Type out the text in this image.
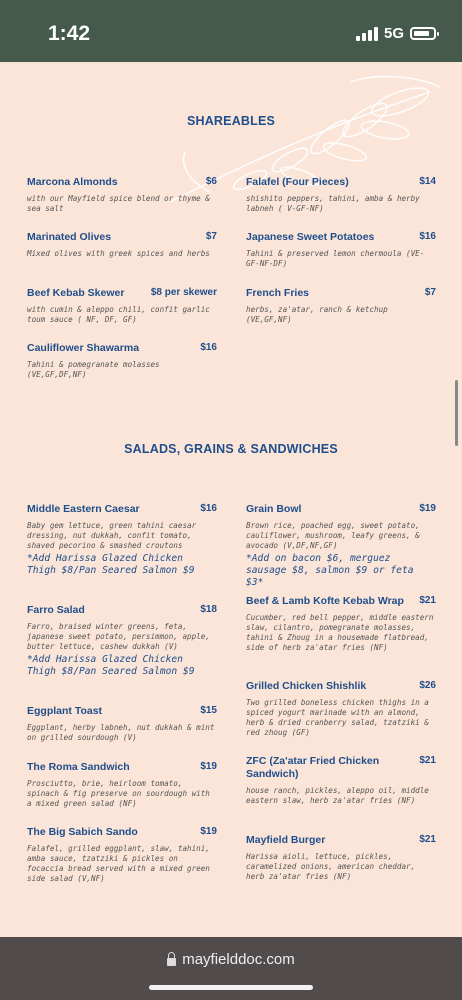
1:42	5G
SHAREABLES
Marcona Almonds	$6
with our Mayfield spice blend or thyme & sea salt
Marinated Olives	$7
Mixed olives with greek spices and herbs
Beef Kebab Skewer	$8 per skewer
with cumin & aleppo chili, confit garlic toum sauce ( NF, DF, GF)
Cauliflower Shawarma	$16
Tahini & pomegranate molasses (VE,GF,DF,NF)
Falafel (Four Pieces)	$14
shishito peppers, tahini, amba & herby labneh ( V-GF-NF)
Japanese Sweet Potatoes	$16
Tahini & preserved lemon chermoula (VE-GF-NF-DF)
French Fries	$7
herbs, za'atar, ranch & ketchup (VE,GF,NF)
SALADS, GRAINS & SANDWICHES
Middle Eastern Caesar	$16
Baby gem lettuce, green tahini caesar dressing, nut dukkah, confit tomato, shaved pecorino & smashed croutons
*Add Harissa Glazed Chicken Thigh $8/Pan Seared Salmon $9
Farro Salad	$18
Farro, braised winter greens, feta, japanese sweet potato, persimmon, apple, butter lettuce, cashew dukkah (V)
*Add Harissa Glazed Chicken Thigh $8/Pan Seared Salmon $9
Eggplant Toast	$15
Eggplant, herby labneh, nut dukkah & mint on grilled sourdough (V)
The Roma Sandwich	$19
Prosciutto, brie, heirloom tomato, spinach & fig preserve on sourdough with a mixed green salad (NF)
The Big Sabich Sando	$19
Falafel, grilled eggplant, slaw, tahini, amba sauce, tzatziki & pickles on focaccia bread served with a mixed green side salad (V,NF)
Grain Bowl	$19
Brown rice, poached egg, sweet potato, cauliflower, mushroom, leafy greens, & avocado (V,DF,NF,GF)
*Add on bacon $6, merguez sausage $8, salmon $9 or feta $3*
Beef & Lamb Kofte Kebab Wrap $21
Cucumber, red bell pepper, middle eastern slaw, cilantro, pomegranate molasses, tahini & Zhoug in a housemade flatbread, side of herb za'atar fries (NF)
Grilled Chicken Shishlik	$26
Two grilled boneless chicken thighs in a spiced yogurt marinade with an almond, herb & dried cranberry salad, tzatziki & red zhoug (GF)
ZFC (Za'atar Fried Chicken Sandwich)
$21
house ranch, pickles, aleppo oil, middle eastern slaw, herb za'atar fries (NF)
Mayfield Burger	$21
Harissa aioli, lettuce, pickles, caramelized onions, american cheddar, herb za'atar fries (NF)
mayfielddoc.com
